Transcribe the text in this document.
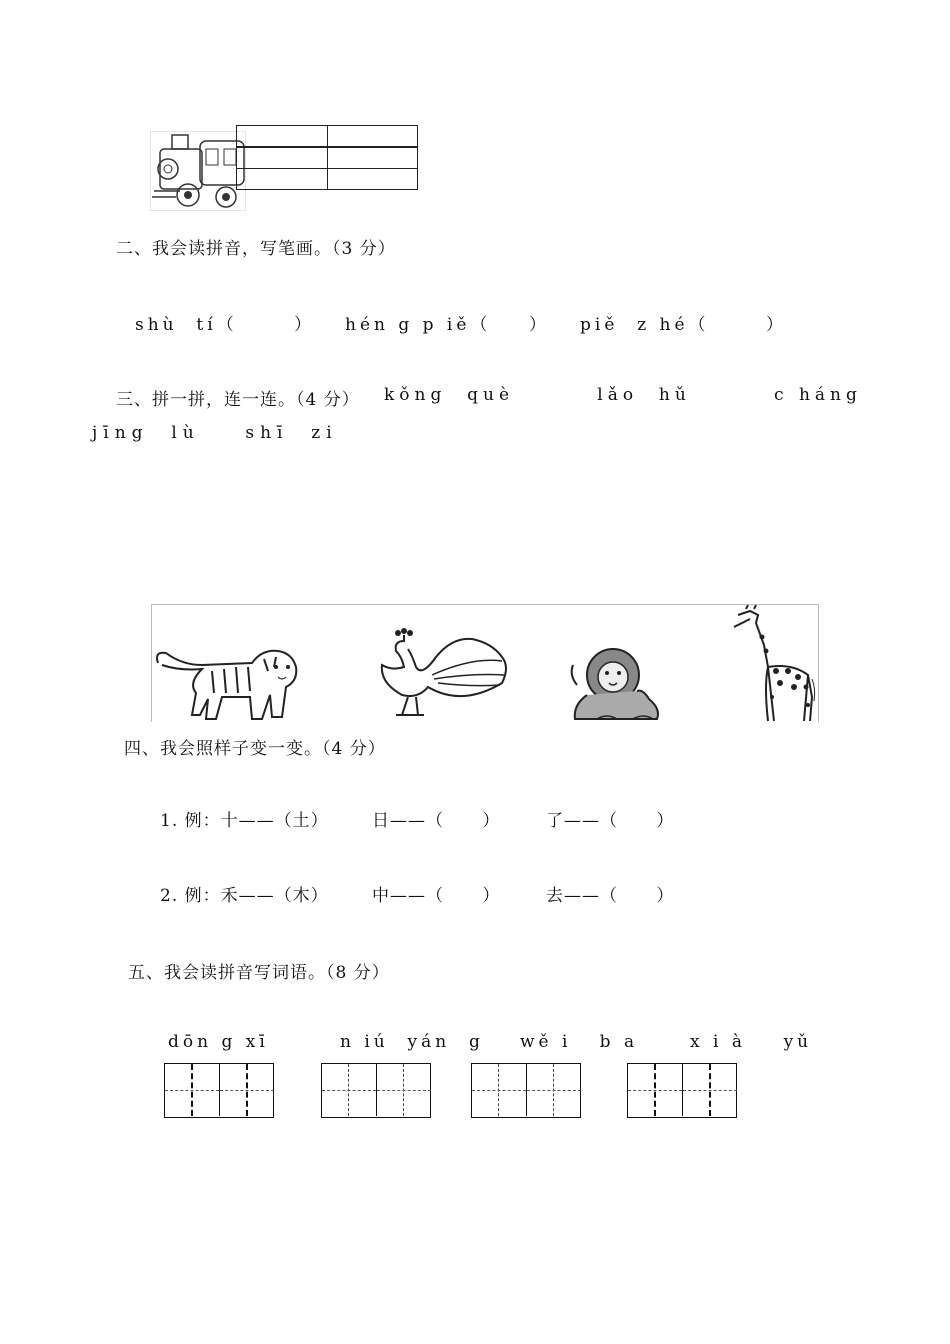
二、我会读拼音，写笔画。（3 分）
shù  tí（      ） hén g p iě（    ） piě  z hé（      ）
三、拼一拼，连一连。（4 分） kǒng  què        lǎo  hǔ        c háng
jīng  lù    shī  zi
四、我会照样子变一变。（4 分）
1. 例：十——（土）	日——（      ）	了——（      ）
2. 例：禾——（木）	中——（      ）	去——（      ）
五、我会读拼音写词语。（8 分）
dōn g xī	n iú  yán  g wě i   b a	x i à    yǔ
